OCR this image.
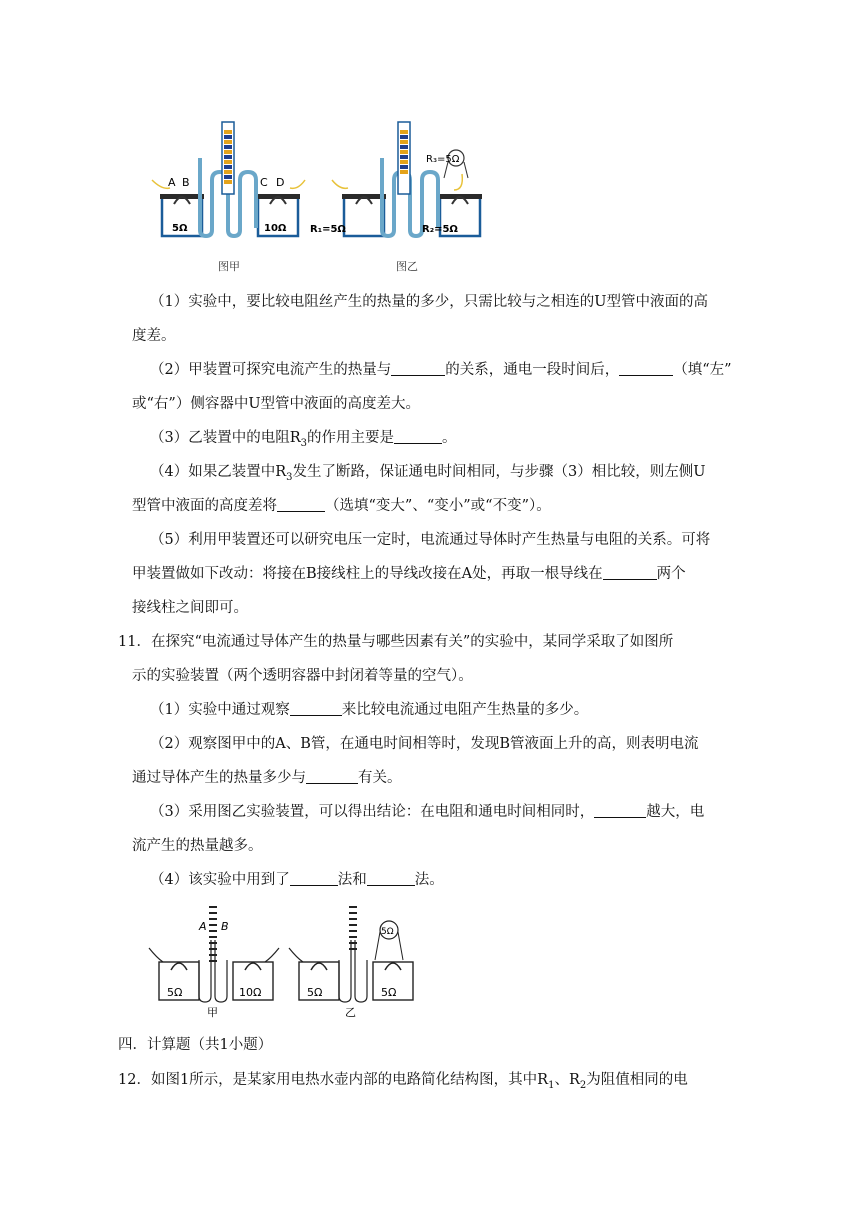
A B	C D
5Ω	10Ω
图甲
R₃=5Ω
R₁=5Ω	R₂=5Ω
图乙
（1）实验中，要比较电阻丝产生的热量的多少，只需比较与之相连的U型管中液面的高
度差。
（2）甲装置可探究电流产生的热量与	的关系，通电一段时间后，	（填“左”
或“右”）侧容器中U型管中液面的高度差大。
（3）乙装置中的电阻$R_3$的作用主要是	。
（4）如果乙装置中$R_3$发生了断路，保证通电时间相同，与步骤（3）相比较，则左侧U
型管中液面的高度差将	（选填“变大”、“变小”或“不变”）。
（5）利用甲装置还可以研究电压一定时，电流通过导体时产生热量与电阻的关系。可将
甲装置做如下改动：将接在B接线柱上的导线改接在A处，再取一根导线在	两个
接线柱之间即可。
11．在探究“电流通过导体产生的热量与哪些因素有关”的实验中，某同学采取了如图所
示的实验装置（两个透明容器中封闭着等量的空气）。
（1）实验中通过观察	来比较电流通过电阻产生热量的多少。
（2）观察图甲中的A、B管，在通电时间相等时，发现B管液面上升的高，则表明电流
通过导体产生的热量多少与	有关。
（3）采用图乙实验装置，可以得出结论：在电阻和通电时间相同时，	越大，电
流产生的热量越多。
（4）该实验中用到了	法和	法。
A B
5Ω	10Ω
甲
5Ω
5Ω	5Ω
乙
四．计算题（共1小题）
12．如图1所示，是某家用电热水壶内部的电路简化结构图，其中$R_1$、$R_2$为阻值相同的电
